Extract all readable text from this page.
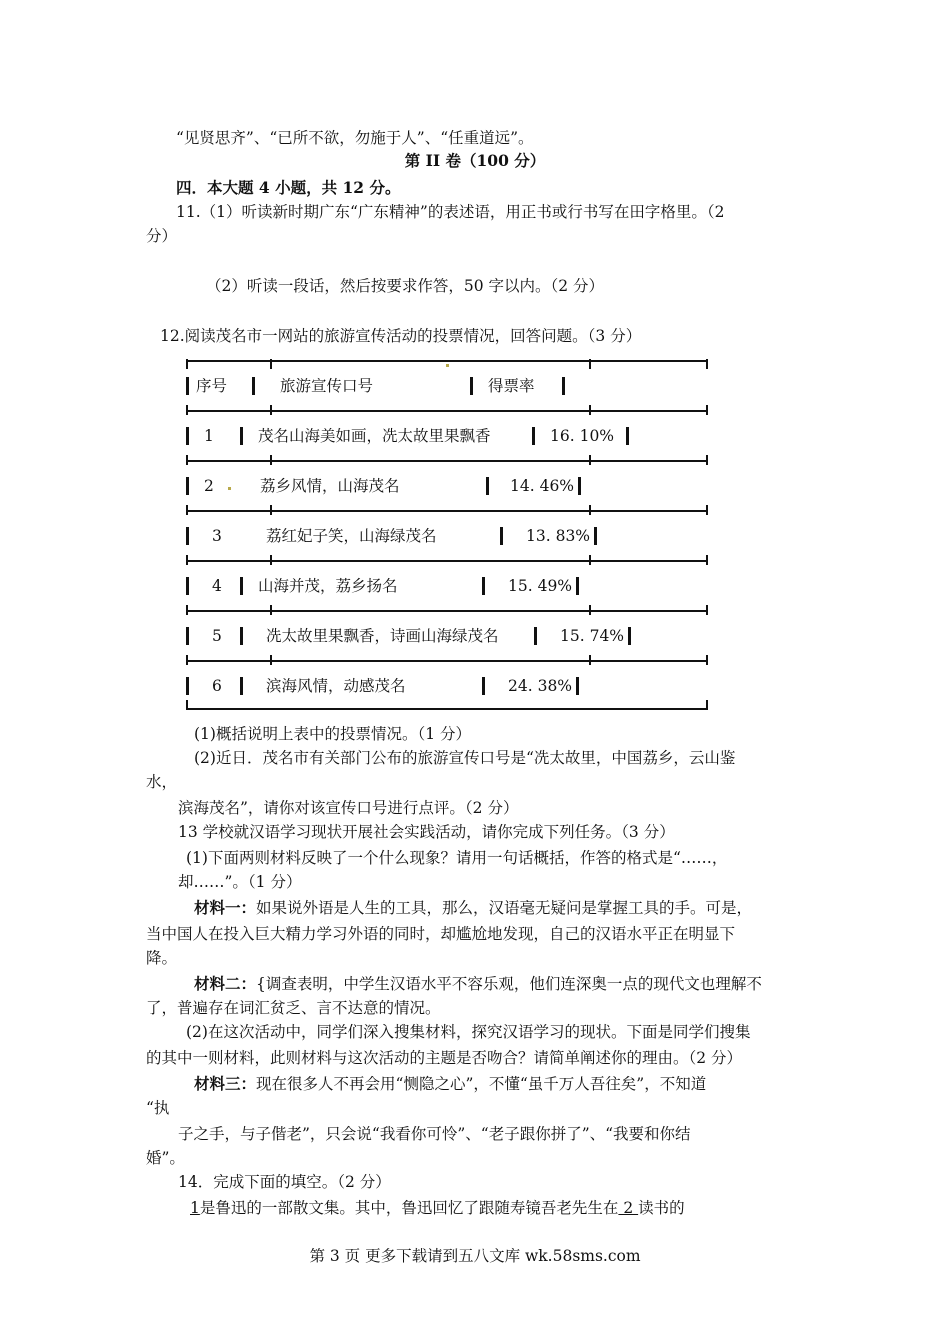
“见贤思齐”、“已所不欲，勿施于人”、“任重道远”。
第 II 卷（100 分）
四．本大题 4 小题，共 12 分。
11.（1）听读新时期广东“广东精神”的表述语，用正书或行书写在田字格里。（2
分）
（2）听读一段话，然后按要求作答，50 字以内。（2 分）
12.阅读茂名市一网站的旅游宣传活动的投票情况，回答问题。（3 分）
序号	旅游宣传口号	得票率
1	茂名山海美如画，冼太故里果飘香	16. 10%
2	荔乡风情，山海茂名	14. 46%
3	荔红妃子笑，山海绿茂名	13. 83%
4 山海并茂，荔乡扬名	15. 49%
5	冼太故里果飘香，诗画山海绿茂名	15. 74%
6	滨海风情，动感茂名	24. 38%
(1)概括说明上表中的投票情况。（1 分）
(2)近日．茂名市有关部门公布的旅游宣传口号是“冼太故里，中国荔乡，云山鉴
水，
滨海茂名”，请你对该宣传口号进行点评。（2 分）
13 学校就汉语学习现状开展社会实践活动，请你完成下列任务。（3 分）
(1)下面两则材料反映了一个什么现象？请用一句话概括，作答的格式是“……，
却……”。（1 分）
材料一：如果说外语是人生的工具，那么，汉语毫无疑问是掌握工具的手。可是，
当中国人在投入巨大精力学习外语的同时，却尴尬地发现，自己的汉语水平正在明显下
降。
材料二：{调查表明，中学生汉语水平不容乐观，他们连深奥一点的现代文也理解不
了，普遍存在词汇贫乏、言不达意的情况。
(2)在这次活动中，同学们深入搜集材料，探究汉语学习的现状。下面是同学们搜集
的其中一则材料，此则材料与这次活动的主题是否吻合？请简单阐述你的理由。（2 分）
材料三：现在很多人不再会用“恻隐之心”，不懂“虽千万人吾往矣”，不知道
“执
子之手，与子偕老”，只会说“我看你可怜”、“老子跟你拼了”、“我要和你结
婚”。
14．完成下面的填空。（2 分）
1是鲁迅的一部散文集。其中，鲁迅回忆了跟随寿镜吾老先生在 2 读书的
第 3 页 更多下载请到五八文库 wk.58sms.com
